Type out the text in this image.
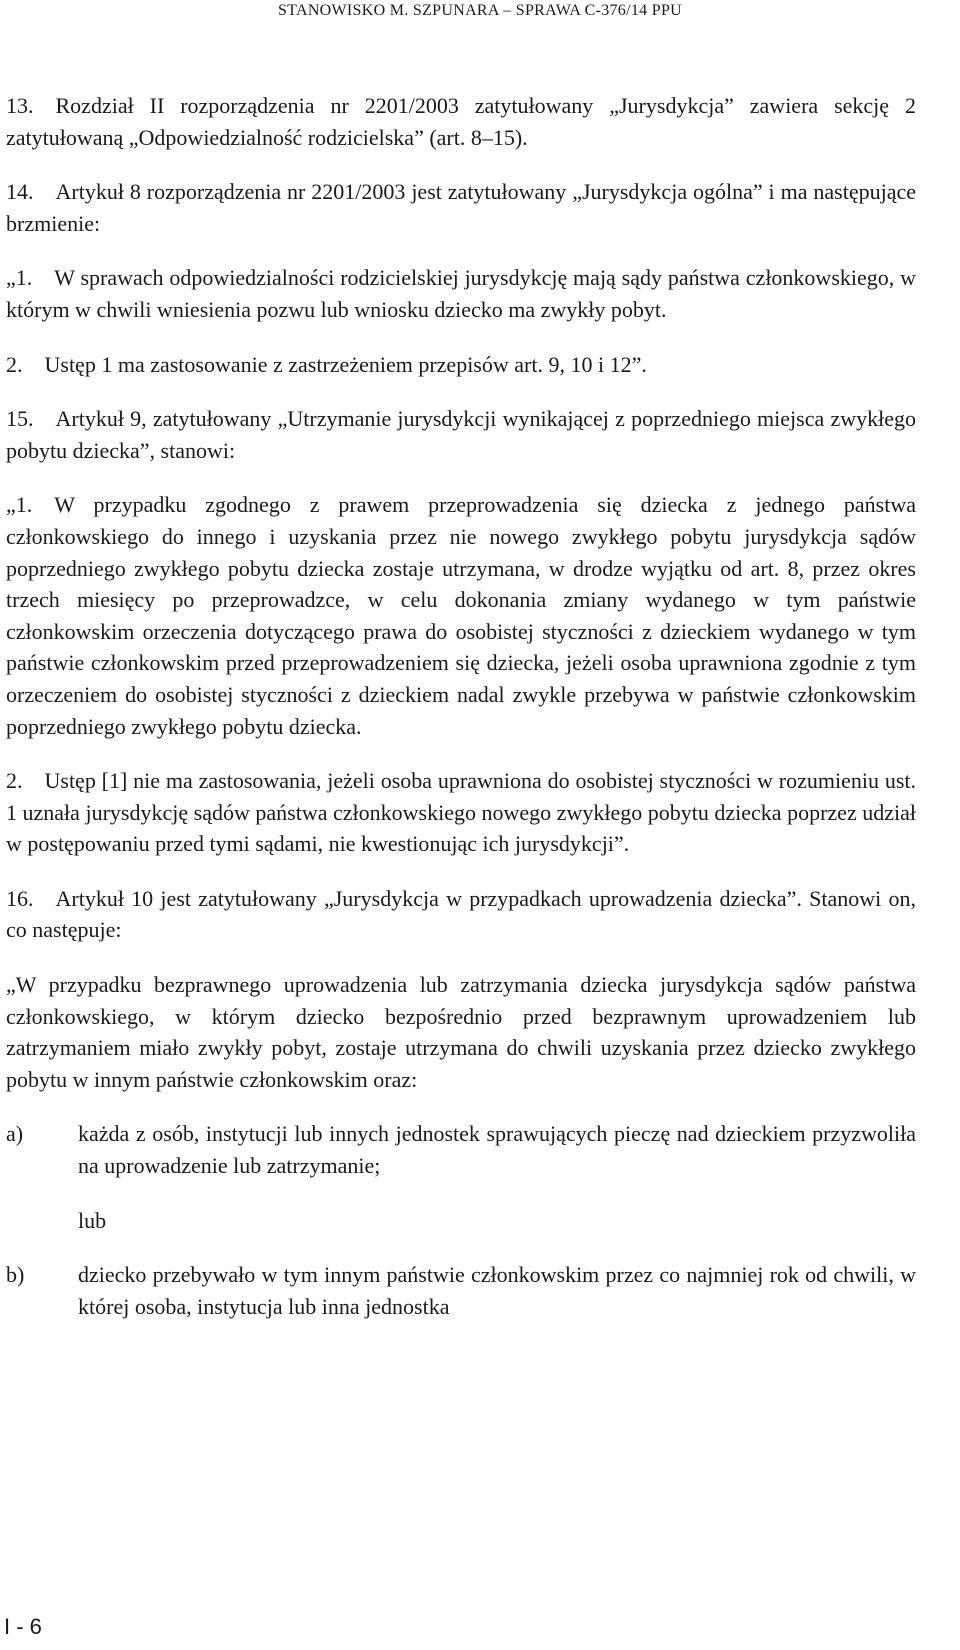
STANOWISKO M. SZPUNARA – SPRAWA C-376/14 PPU

13. Rozdział II rozporządzenia nr 2201/2003 zatytułowany „Jurysdykcja” zawiera sekcję 2 zatytułowaną „Odpowiedzialność rodzicielska” (art. 8–15).

14. Artykuł 8 rozporządzenia nr 2201/2003 jest zatytułowany „Jurysdykcja ogólna” i ma następujące brzmienie:

„1. W sprawach odpowiedzialności rodzicielskiej jurysdykcję mają sądy państwa członkowskiego, w którym w chwili wniesienia pozwu lub wniosku dziecko ma zwykły pobyt.

2. Ustęp 1 ma zastosowanie z zastrzeżeniem przepisów art. 9, 10 i 12”.

15. Artykuł 9, zatytułowany „Utrzymanie jurysdykcji wynikającej z poprzedniego miejsca zwykłego pobytu dziecka”, stanowi:

„1. W przypadku zgodnego z prawem przeprowadzenia się dziecka z jednego państwa członkowskiego do innego i uzyskania przez nie nowego zwykłego pobytu jurysdykcja sądów poprzedniego zwykłego pobytu dziecka zostaje utrzymana, w drodze wyjątku od art. 8, przez okres trzech miesięcy po przeprowadzce, w celu dokonania zmiany wydanego w tym państwie członkowskim orzeczenia dotyczącego prawa do osobistej styczności z dzieckiem wydanego w tym państwie członkowskim przed przeprowadzeniem się dziecka, jeżeli osoba uprawniona zgodnie z tym orzeczeniem do osobistej styczności z dzieckiem nadal zwykle przebywa w państwie członkowskim poprzedniego zwykłego pobytu dziecka.

2. Ustęp [1] nie ma zastosowania, jeżeli osoba uprawniona do osobistej styczności w rozumieniu ust. 1 uznała jurysdykcję sądów państwa członkowskiego nowego zwykłego pobytu dziecka poprzez udział w postępowaniu przed tymi sądami, nie kwestionując ich jurysdykcji”.

16. Artykuł 10 jest zatytułowany „Jurysdykcja w przypadkach uprowadzenia dziecka”. Stanowi on, co następuje:

„W przypadku bezprawnego uprowadzenia lub zatrzymania dziecka jurysdykcja sądów państwa członkowskiego, w którym dziecko bezpośrednio przed bezprawnym uprowadzeniem lub zatrzymaniem miało zwykły pobyt, zostaje utrzymana do chwili uzyskania przez dziecko zwykłego pobytu w innym państwie członkowskim oraz:

a)	każda z osób, instytucji lub innych jednostek sprawujących pieczę nad dzieckiem przyzwoliła na uprowadzenie lub zatrzymanie;

lub

b)	dziecko przebywało w tym innym państwie członkowskim przez co najmniej rok od chwili, w której osoba, instytucja lub inna jednostka
I - 6
